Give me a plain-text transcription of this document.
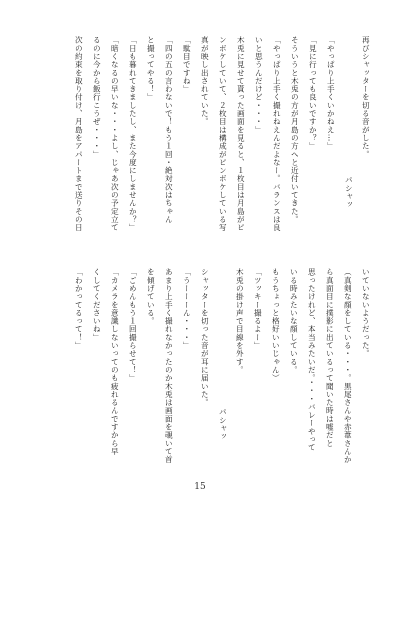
再びシャッターを切る音がした。
パシャッ
「やっぱり上手くいかねえ…」
「見に行っても良いですか？」
そういうと木兎の方が月島の方へと近付いてきた。
「やっぱり上手く撮れねえんだよなー。バランスは良
いと思うんだけど・・・」
木兎に見せて貰った画面を見ると、１枚目は月島がピ
ンボケしていて、２枚目は構成がピンボケしている写
真が映し出されていた。
「駄目ですね」
「四の五の言わないで！もう１回・絶対次はちゃん
と撮ってやる！」
「日も暮れてきましたし、また今度にしませんか？」
「暗くなるの早いな・・・よし、じゃあ次の予定立て
るのに今から飯行こうぜ・・・」
次の約束を取り付け、月島をアパートまで送りその日
いていないようだった。
（真剣な顔をしている・・・。黒尾さんや赤葦さんか
ら真面目に撲影に出ているって聞いた時は嘘だと
思ったけれど、本当みたいだ。・・・バレーやって
いる時みたいな顔している。
もうちょっと格好いいじゃん）
「ツッキー撮るよー」
木兎の掛け声で目線を外す。
パシャッ
シャッターを切った音が耳に届いた。
「うーーーん・・・」
あまり上手く撮れなかったのか木兎は画面を覗いて首
を傾げている。
「ごめんもう１回撮らせて！」
「カメラを意識しないってのも疲れるんですから早
くしてくださいね」
「わかってるって！」
15
